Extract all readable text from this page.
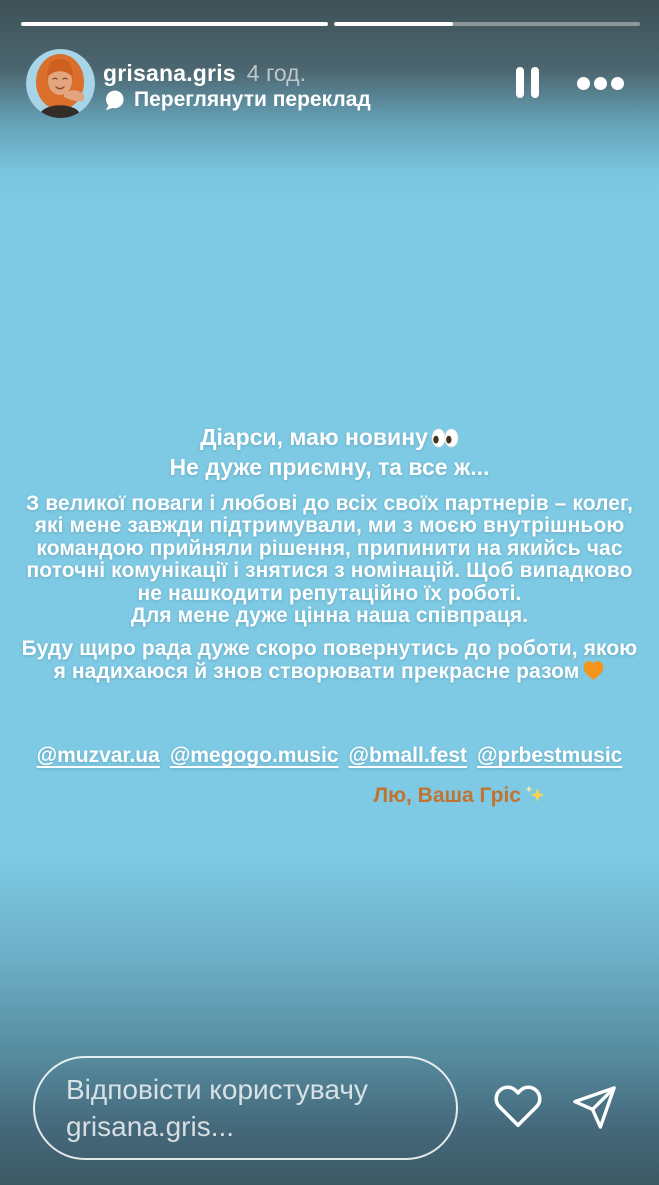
grisana.gris 4 год.
Переглянути переклад
Діарси, маю новину
Не дуже приємну, та все ж...
З великої поваги і любові до всіх своїх партнерів – колег,
які мене завжди підтримували, ми з моєю внутрішньою
командою прийняли рішення, припинити на якийсь час
поточні комунікації і знятися з номінацій. Щоб випадково
не нашкодити репутаційно їх роботі.
Для мене дуже цінна наша співпраця.
Буду щиро рада дуже скоро повернутись до роботи, якою
я надихаюся й знов створювати прекрасне разом
@muzvar.ua @megogo.music @bmall.fest @prbestmusic
Лю, Ваша Гріс
Відповісти користувачу grisana.gris...
